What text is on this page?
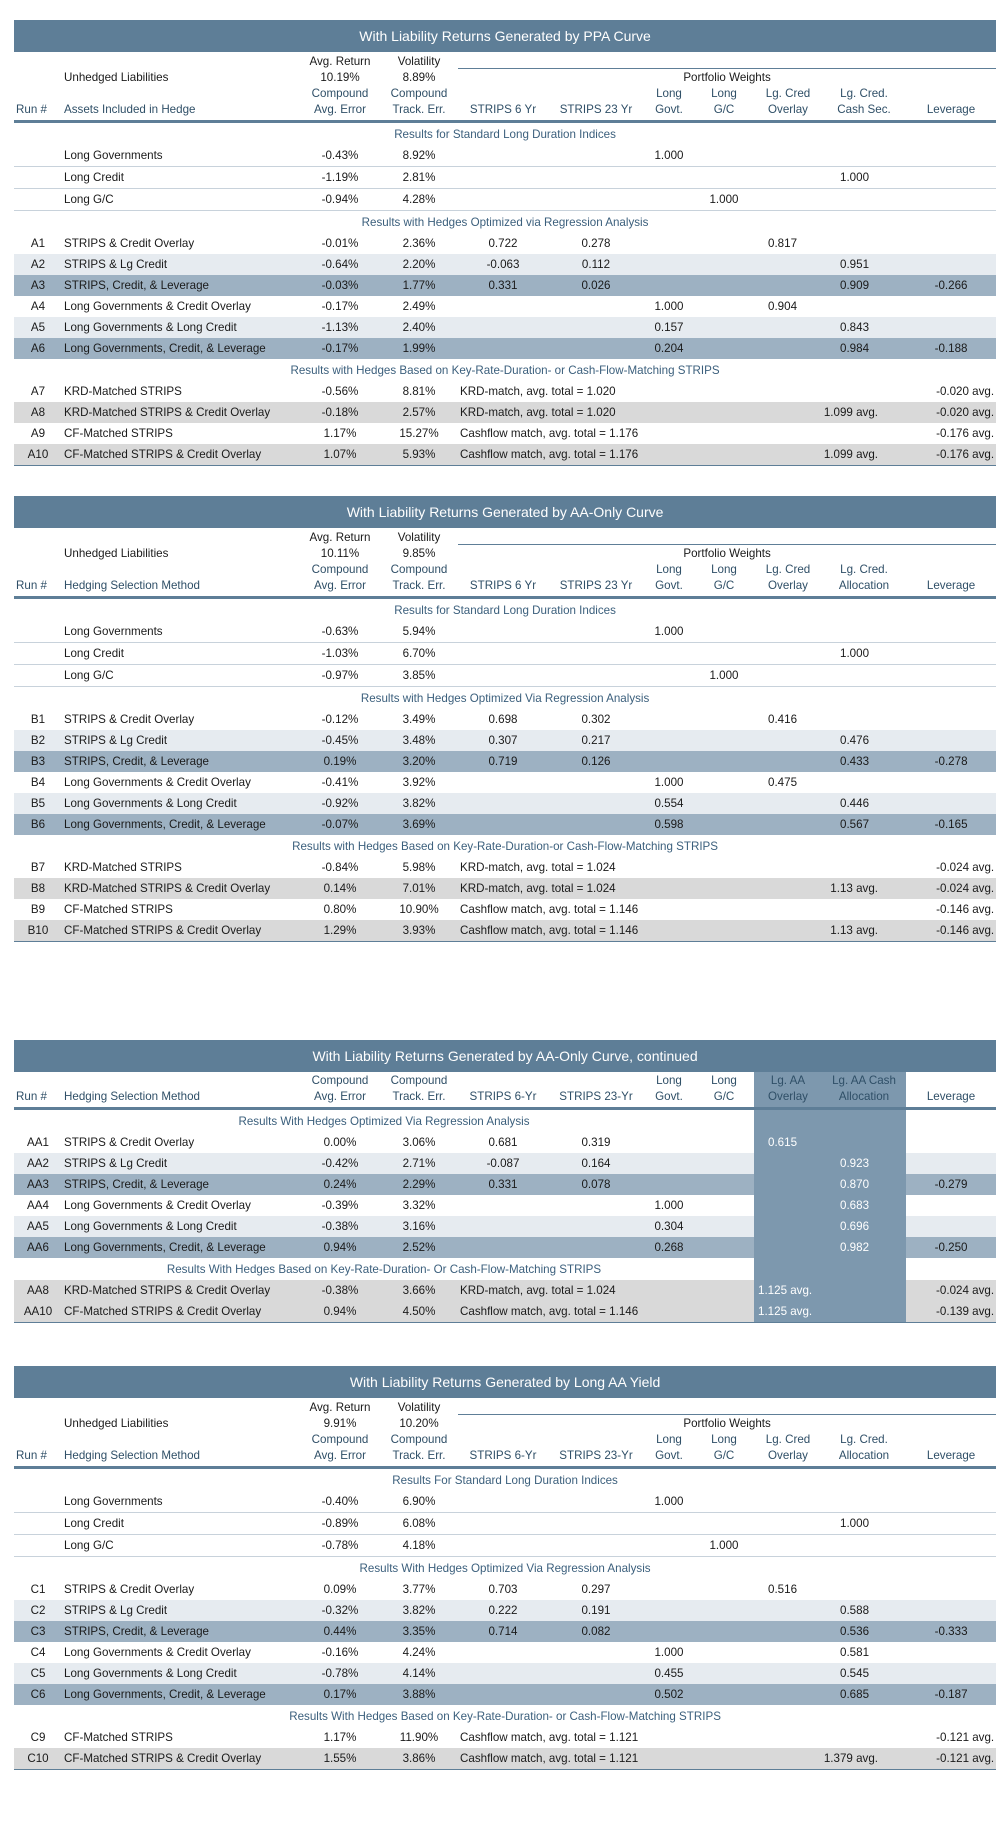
With Liability Returns Generated by PPA Curve										
		Avg. Return	Volatility							
	Unhedged Liabilities	10.19%	8.89%	Portfolio Weights						
		Compound	Compound			Long	Long	Lg. Cred	Lg. Cred.	
Run #	Assets Included in Hedge	Avg. Error	Track. Err.	STRIPS 6 Yr	STRIPS 23 Yr	Govt.	G/C	Overlay	Cash Sec.	Leverage
Results for Standard Long Duration Indices										
	Long Governments	-0.43%	8.92%			1.000				
	Long Credit	-1.19%	2.81%						1.000	
	Long G/C	-0.94%	4.28%				1.000			
Results with Hedges Optimized via Regression Analysis										
A1	STRIPS & Credit Overlay	-0.01%	2.36%	0.722	0.278			0.817		
A2	STRIPS & Lg Credit	-0.64%	2.20%	-0.063	0.112				0.951	
A3	STRIPS, Credit, & Leverage	-0.03%	1.77%	0.331	0.026				0.909	-0.266
A4	Long Governments & Credit Overlay	-0.17%	2.49%			1.000		0.904		
A5	Long Governments & Long Credit	-1.13%	2.40%			0.157			0.843	
A6	Long Governments, Credit, & Leverage	-0.17%	1.99%			0.204			0.984	-0.188
Results with Hedges Based on Key-Rate-Duration- or Cash-Flow-Matching STRIPS										
A7	KRD-Matched STRIPS	-0.56%	8.81%	KRD-match, avg. total = 1.020						-0.020 avg.
A8	KRD-Matched STRIPS & Credit Overlay	-0.18%	2.57%	KRD-match, avg. total = 1.020				1.099 avg.		-0.020 avg.
A9	CF-Matched STRIPS	1.17%	15.27%	Cashflow match, avg. total = 1.176						-0.176 avg.
A10	CF-Matched STRIPS & Credit Overlay	1.07%	5.93%	Cashflow match, avg. total = 1.176				1.099 avg.		-0.176 avg.
With Liability Returns Generated by AA-Only Curve										
		Avg. Return	Volatility							
	Unhedged Liabilities	10.11%	9.85%	Portfolio Weights						
		Compound	Compound			Long	Long	Lg. Cred	Lg. Cred.	
Run #	Hedging Selection Method	Avg. Error	Track. Err.	STRIPS 6 Yr	STRIPS 23 Yr	Govt.	G/C	Overlay	Allocation	Leverage
Results for Standard Long Duration Indices										
	Long Governments	-0.63%	5.94%			1.000				
	Long Credit	-1.03%	6.70%						1.000	
	Long G/C	-0.97%	3.85%				1.000			
Results with Hedges Optimized Via Regression Analysis										
B1	STRIPS & Credit Overlay	-0.12%	3.49%	0.698	0.302			0.416		
B2	STRIPS & Lg Credit	-0.45%	3.48%	0.307	0.217				0.476	
B3	STRIPS, Credit, & Leverage	0.19%	3.20%	0.719	0.126				0.433	-0.278
B4	Long Governments & Credit Overlay	-0.41%	3.92%			1.000		0.475		
B5	Long Governments & Long Credit	-0.92%	3.82%			0.554			0.446	
B6	Long Governments, Credit, & Leverage	-0.07%	3.69%			0.598			0.567	-0.165
Results with Hedges Based on Key-Rate-Duration-or Cash-Flow-Matching STRIPS										
B7	KRD-Matched STRIPS	-0.84%	5.98%	KRD-match, avg. total = 1.024						-0.024 avg.
B8	KRD-Matched STRIPS & Credit Overlay	0.14%	7.01%	KRD-match, avg. total = 1.024				1.13 avg.		-0.024 avg.
B9	CF-Matched STRIPS	0.80%	10.90%	Cashflow match, avg. total = 1.146						-0.146 avg.
B10	CF-Matched STRIPS & Credit Overlay	1.29%	3.93%	Cashflow match, avg. total = 1.146				1.13 avg.		-0.146 avg.
With Liability Returns Generated by AA-Only Curve, continued										
		Compound	Compound			Long	Long	Lg. AA	Lg. AA Cash	
Run #	Hedging Selection Method	Avg. Error	Track. Err.	STRIPS 6-Yr	STRIPS 23-Yr	Govt.	G/C	Overlay	Allocation	Leverage
Results With Hedges Optimized Via Regression Analysis										
AA1	STRIPS & Credit Overlay	0.00%	3.06%	0.681	0.319			0.615		
AA2	STRIPS & Lg Credit	-0.42%	2.71%	-0.087	0.164				0.923	
AA3	STRIPS, Credit, & Leverage	0.24%	2.29%	0.331	0.078				0.870	-0.279
AA4	Long Governments & Credit Overlay	-0.39%	3.32%			1.000			0.683	
AA5	Long Governments & Long Credit	-0.38%	3.16%			0.304			0.696	
AA6	Long Governments, Credit, & Leverage	0.94%	2.52%			0.268			0.982	-0.250
Results With Hedges Based on Key-Rate-Duration- Or Cash-Flow-Matching STRIPS										
AA8	KRD-Matched STRIPS & Credit Overlay	-0.38%	3.66%	KRD-match, avg. total = 1.024				1.125 avg.		-0.024 avg.
AA10	CF-Matched STRIPS & Credit Overlay	0.94%	4.50%	Cashflow match, avg. total = 1.146				1.125 avg.		-0.139 avg.
With Liability Returns Generated by Long AA Yield										
		Avg. Return	Volatility							
	Unhedged Liabilities	9.91%	10.20%	Portfolio Weights						
		Compound	Compound			Long	Long	Lg. Cred	Lg. Cred.	
Run #	Hedging Selection Method	Avg. Error	Track. Err.	STRIPS 6-Yr	STRIPS 23-Yr	Govt.	G/C	Overlay	Allocation	Leverage
Results For Standard Long Duration Indices										
	Long Governments	-0.40%	6.90%			1.000				
	Long Credit	-0.89%	6.08%						1.000	
	Long G/C	-0.78%	4.18%				1.000			
Results With Hedges Optimized Via Regression Analysis										
C1	STRIPS & Credit Overlay	0.09%	3.77%	0.703	0.297			0.516		
C2	STRIPS & Lg Credit	-0.32%	3.82%	0.222	0.191				0.588	
C3	STRIPS, Credit, & Leverage	0.44%	3.35%	0.714	0.082				0.536	-0.333
C4	Long Governments & Credit Overlay	-0.16%	4.24%			1.000			0.581	
C5	Long Governments & Long Credit	-0.78%	4.14%			0.455			0.545	
C6	Long Governments, Credit, & Leverage	0.17%	3.88%			0.502			0.685	-0.187
Results With Hedges Based on Key-Rate-Duration- or Cash-Flow-Matching STRIPS										
C9	CF-Matched STRIPS	1.17%	11.90%	Cashflow match, avg. total = 1.121						-0.121 avg.
C10	CF-Matched STRIPS & Credit Overlay	1.55%	3.86%	Cashflow match, avg. total = 1.121				1.379 avg.		-0.121 avg.
